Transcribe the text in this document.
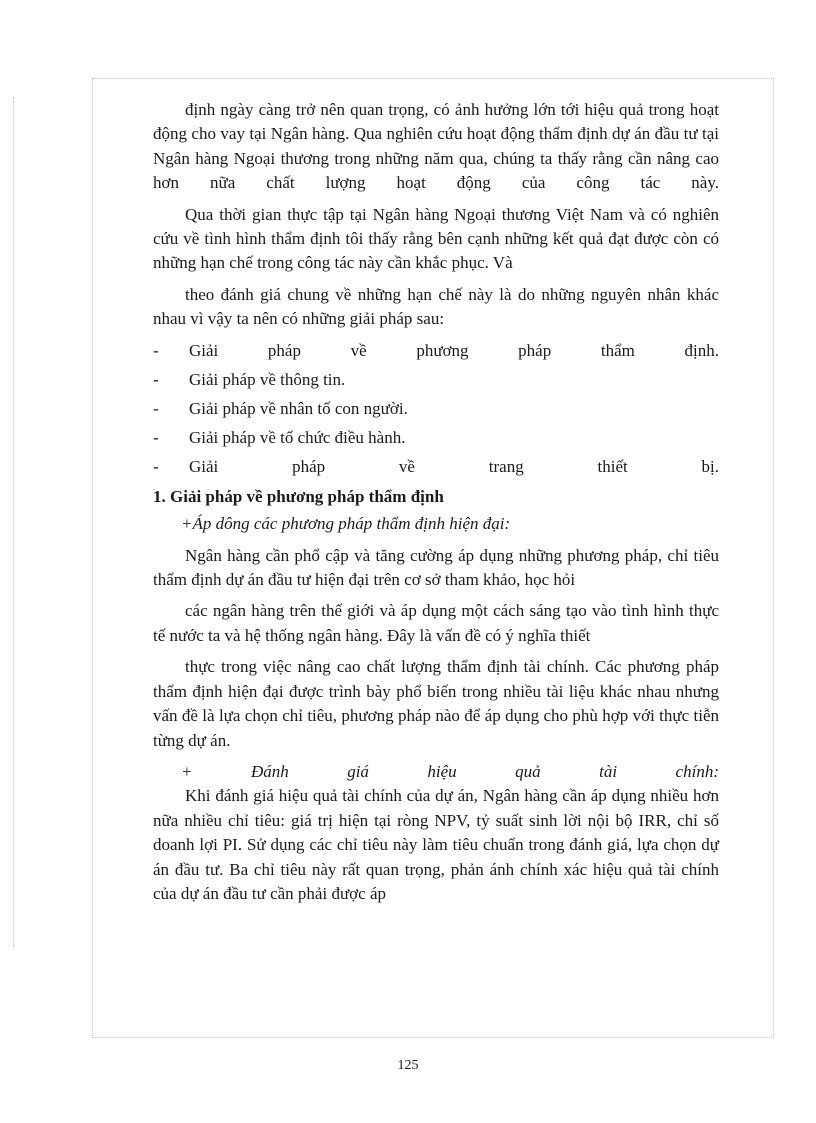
định ngày càng trở nên quan trọng, có ảnh hưởng lớn tới hiệu quả trong hoạt động cho vay tại Ngân hàng. Qua nghiên cứu hoạt động thẩm định dự án đầu tư tại Ngân hàng Ngoại thương trong những năm qua, chúng ta thấy rằng cần nâng cao hơn nữa chất lượng hoạt động của công tác này.

Qua thời gian thực tập tại Ngân hàng Ngoại thương Việt Nam và có nghiên cứu về tình hình thẩm định tôi thấy rằng bên cạnh những kết quả đạt được còn có những hạn chế trong công tác này cần khắc phục. Và

theo đánh giá chung về những hạn chế này là do những nguyên nhân khác nhau vì vậy ta nên có những giải pháp sau:

- Giải pháp về phương pháp thẩm định.
- Giải pháp về thông tin.
- Giải pháp về nhân tố con người.
- Giải pháp về tổ chức điều hành.
- Giải pháp về trang thiết bị.
1. Giải pháp về phương pháp thẩm định
+Áp dông các phương pháp thẩm định hiện đại:

Ngân hàng cần phổ cập và tăng cường áp dụng những phương pháp, chỉ tiêu thẩm định dự án đầu tư hiện đại trên cơ sở tham khảo, học hỏi

các ngân hàng trên thế giới và áp dụng một cách sáng tạo vào tình hình thực tế nước ta và hệ thống ngân hàng. Đây là vấn đề có ý nghĩa thiết

thực trong việc nâng cao chất lượng thẩm định tài chính. Các phương pháp thẩm định hiện đại được trình bày phổ biến trong nhiều tài liệu khác nhau nhưng vấn đề là lựa chọn chỉ tiêu, phương pháp nào để áp dụng cho phù hợp với thực tiễn từng dự án.

+ Đánh giá hiệu quả tài chính:

Khi đánh giá hiệu quả tài chính của dự án, Ngân hàng cần áp dụng nhiều hơn nữa nhiều chỉ tiêu: giá trị hiện tại ròng NPV, tỷ suất sinh lời nội bộ IRR, chỉ số doanh lợi PI. Sử dụng các chỉ tiêu này làm tiêu chuẩn trong đánh giá, lựa chọn dự án đầu tư. Ba chỉ tiêu này rất quan trọng, phản ánh chính xác hiệu quả tài chính của dự án đầu tư cần phải được áp

125
